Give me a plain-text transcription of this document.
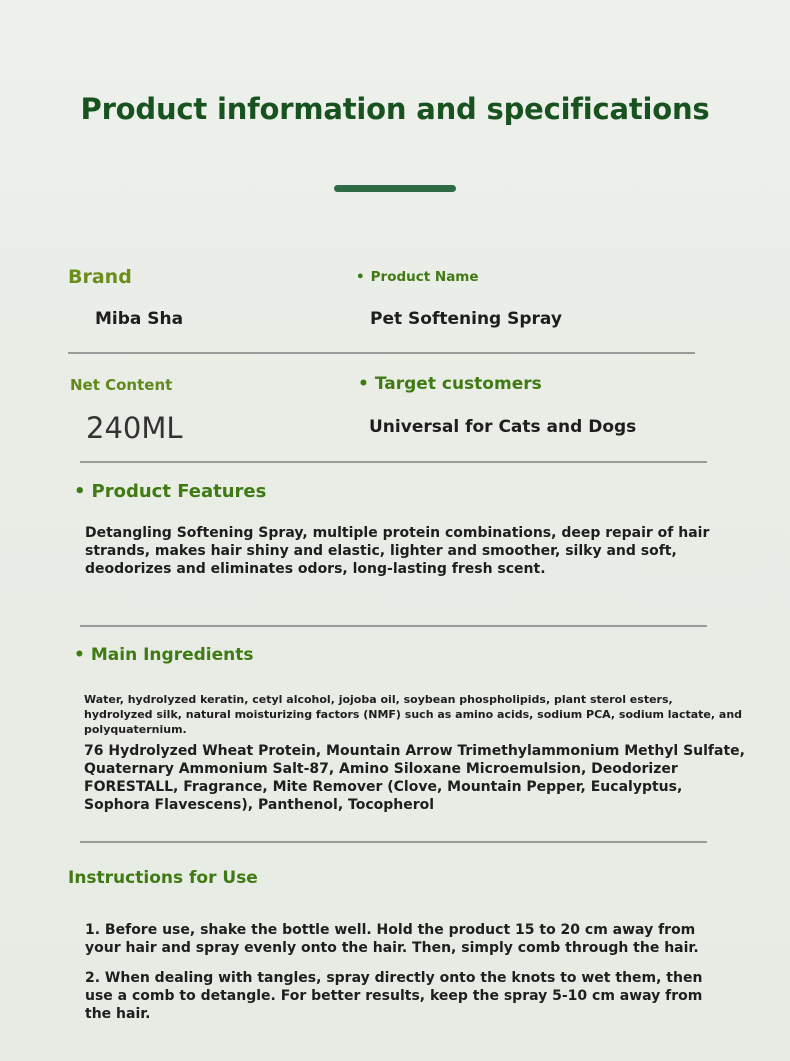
Product information and specifications
Brand
Miba Sha
• Product Name
Pet Softening Spray
Net Content
240ML
• Target customers
Universal for Cats and Dogs
• Product Features
Detangling Softening Spray, multiple protein combinations, deep repair of hair
strands, makes hair shiny and elastic, lighter and smoother, silky and soft,
deodorizes and eliminates odors, long-lasting fresh scent.
• Main Ingredients
Water, hydrolyzed keratin, cetyl alcohol, jojoba oil, soybean phospholipids, plant sterol esters,
hydrolyzed silk, natural moisturizing factors (NMF) such as amino acids, sodium PCA, sodium lactate, and
polyquaternium.
76 Hydrolyzed Wheat Protein, Mountain Arrow Trimethylammonium Methyl Sulfate,
Quaternary Ammonium Salt-87, Amino Siloxane Microemulsion, Deodorizer
FORESTALL, Fragrance, Mite Remover (Clove, Mountain Pepper, Eucalyptus,
Sophora Flavescens), Panthenol, Tocopherol
Instructions for Use
1. Before use, shake the bottle well. Hold the product 15 to 20 cm away from
your hair and spray evenly onto the hair. Then, simply comb through the hair.
2. When dealing with tangles, spray directly onto the knots to wet them, then
use a comb to detangle. For better results, keep the spray 5-10 cm away from
the hair.
